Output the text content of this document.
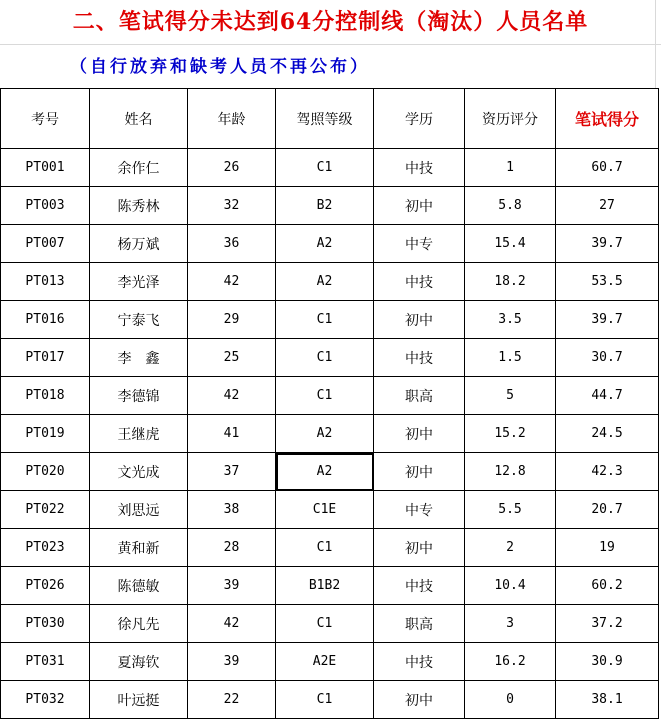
二、笔试得分未达到64分控制线（淘汰）人员名单
（自行放弃和缺考人员不再公布）
考号	姓名	年龄	驾照等级	学历	资历评分	笔试得分
PT001	余作仁	26	C1	中技	1	60.7
PT003	陈秀林	32	B2	初中	5.8	27
PT007	杨万斌	36	A2	中专	15.4	39.7
PT013	李光泽	42	A2	中技	18.2	53.5
PT016	宁泰飞	29	C1	初中	3.5	39.7
PT017	李　鑫	25	C1	中技	1.5	30.7
PT018	李德锦	42	C1	职高	5	44.7
PT019	王继虎	41	A2	初中	15.2	24.5
PT020	文光成	37	A2	初中	12.8	42.3
PT022	刘思远	38	C1E	中专	5.5	20.7
PT023	黄和新	28	C1	初中	2	19
PT026	陈德敏	39	B1B2	中技	10.4	60.2
PT030	徐凡先	42	C1	职高	3	37.2
PT031	夏海钦	39	A2E	中技	16.2	30.9
PT032	叶远挺	22	C1	初中	0	38.1
